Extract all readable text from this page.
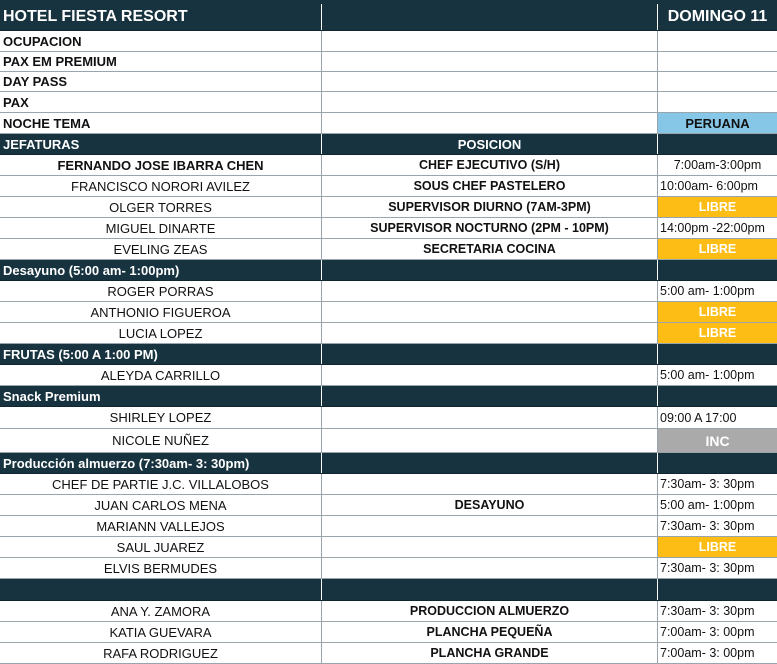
HOTEL FIESTA RESORT	DOMINGO 11
OCUPACION
PAX EM PREMIUM
DAY PASS
PAX
NOCHE TEMA	PERUANA
JEFATURAS	POSICION
FERNANDO JOSE IBARRA CHEN	CHEF EJECUTIVO (S/H)	7:00am-3:00pm
FRANCISCO NORORI AVILEZ	SOUS CHEF PASTELERO	10:00am- 6:00pm
OLGER TORRES	SUPERVISOR DIURNO (7AM-3PM)	LIBRE
MIGUEL DINARTE	SUPERVISOR NOCTURNO (2PM - 10PM)	14:00pm -22:00pm
EVELING ZEAS	SECRETARIA COCINA	LIBRE
Desayuno (5:00 am- 1:00pm)
ROGER PORRAS	5:00 am- 1:00pm
ANTHONIO FIGUEROA	LIBRE
LUCIA LOPEZ	LIBRE
FRUTAS (5:00 A 1:00 PM)
ALEYDA CARRILLO	5:00 am- 1:00pm
Snack Premium
SHIRLEY LOPEZ	09:00 A 17:00
NICOLE NUÑEZ	INC
Producción almuerzo (7:30am- 3: 30pm)
CHEF DE PARTIE J.C. VILLALOBOS	7:30am- 3: 30pm
JUAN CARLOS MENA	DESAYUNO	5:00 am- 1:00pm
MARIANN VALLEJOS	7:30am- 3: 30pm
SAUL JUAREZ	LIBRE
ELVIS BERMUDES	7:30am- 3: 30pm
ANA Y. ZAMORA	PRODUCCION ALMUERZO	7:30am- 3: 30pm
KATIA GUEVARA	PLANCHA PEQUEÑA	7:00am- 3: 00pm
RAFA RODRIGUEZ	PLANCHA GRANDE	7:00am- 3: 00pm
